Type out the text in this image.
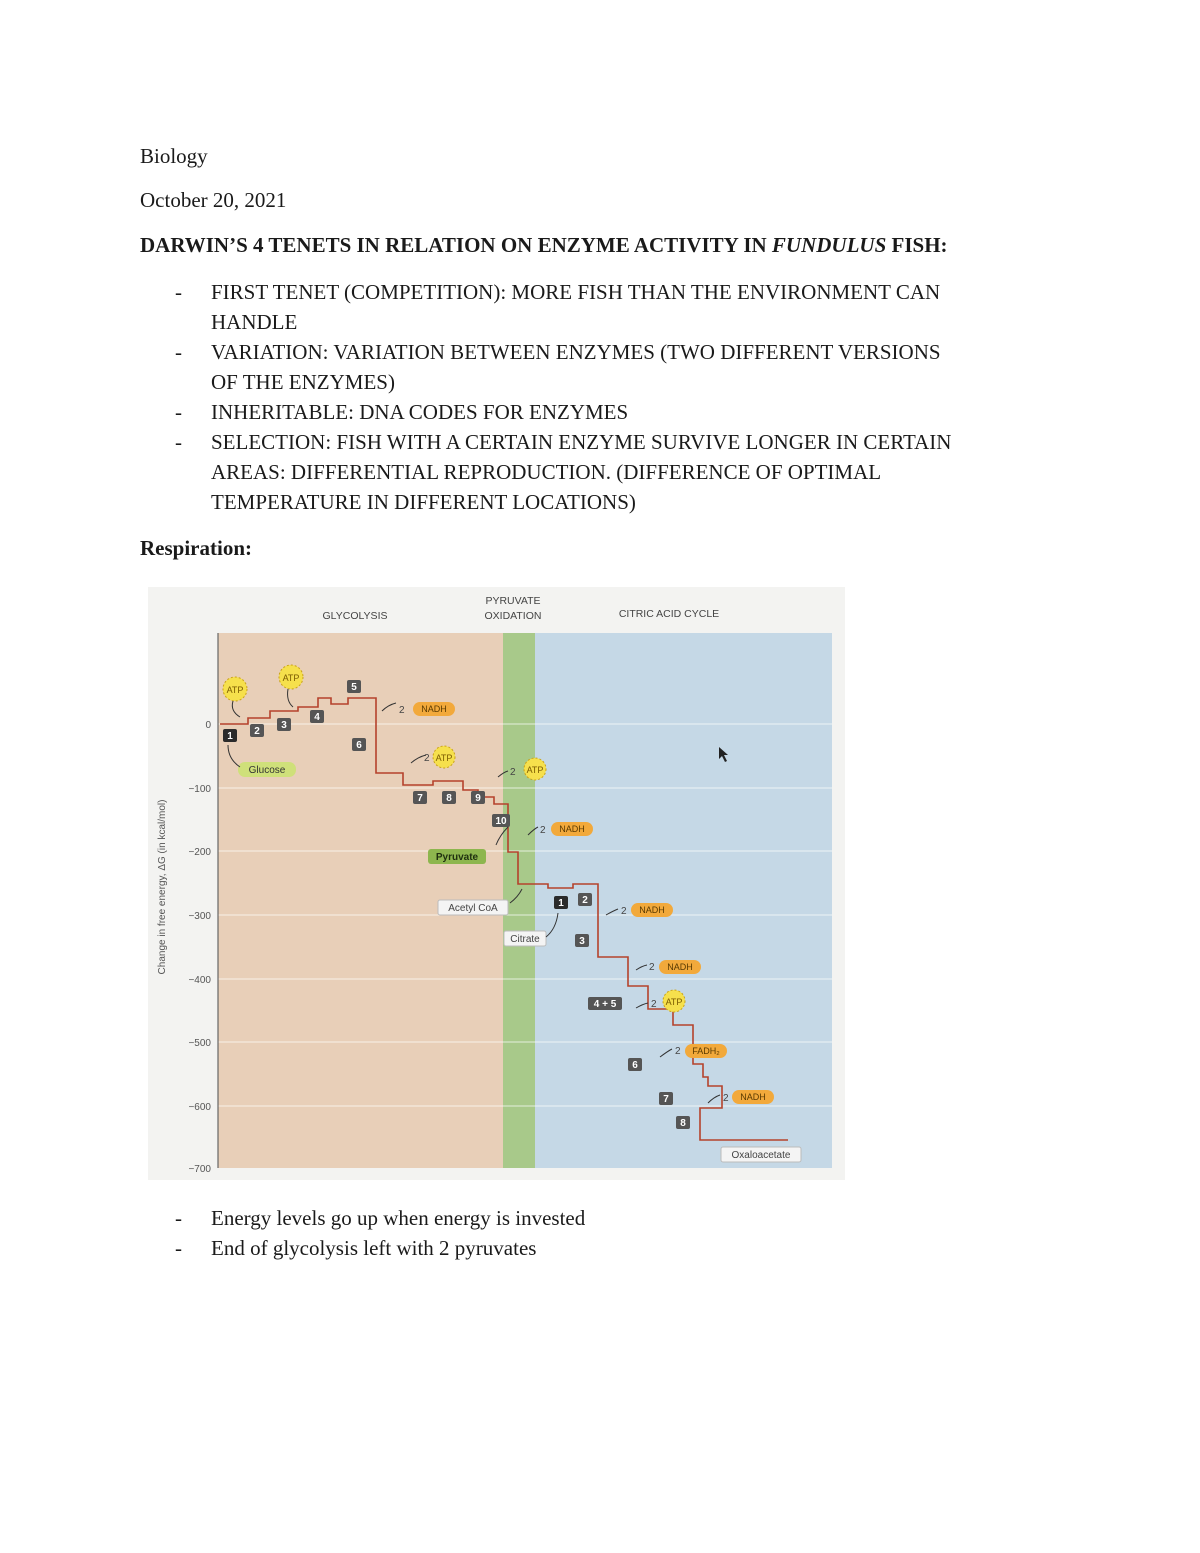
Biology
October 20, 2021
DARWIN’S 4 TENETS IN RELATION ON ENZYME ACTIVITY IN FUNDULUS FISH:
- FIRST TENET (COMPETITION): MORE FISH THAN THE ENVIRONMENT CAN
HANDLE
- VARIATION: VARIATION BETWEEN ENZYMES (TWO DIFFERENT VERSIONS
OF THE ENZYMES)
- INHERITABLE: DNA CODES FOR ENZYMES
- SELECTION: FISH WITH A CERTAIN ENZYME SURVIVE LONGER IN CERTAIN
AREAS: DIFFERENTIAL REPRODUCTION. (DIFFERENCE OF OPTIMAL
TEMPERATURE IN DIFFERENT LOCATIONS)
Respiration:
0
−100
−200
−300
−400
−500
−600
−700
Change in free energy, ΔG (in kcal/mol)
GLYCOLYSIS
PYRUVATE
OXIDATION	CITRIC ACID CYCLE
1 2
3
4
5
6
7 8 9
10
1 2
3
4 + 5
6
7
8
ATP
ATP
ATP
ATP
ATP
2
2
2
2
2
2
2
2
2
NADH
NADH
NADH
NADH
FADH₂
NADH
Glucose
Pyruvate
Acetyl CoA
Citrate
Oxaloacetate
- Energy levels go up when energy is invested
- End of glycolysis left with 2 pyruvates
